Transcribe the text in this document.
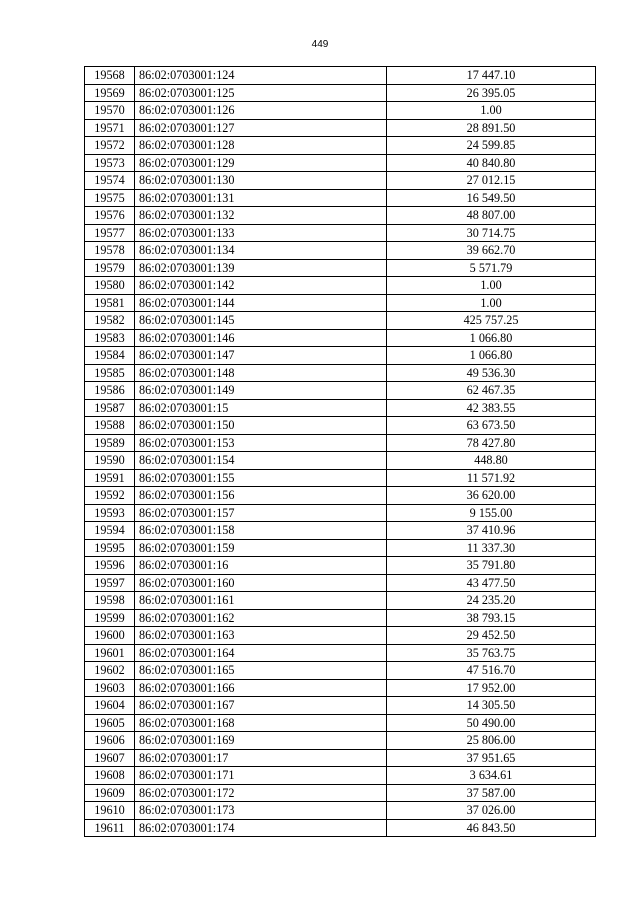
449
19568	86:02:0703001:124	17 447.10
19569	86:02:0703001:125	26 395.05
19570	86:02:0703001:126	1.00
19571	86:02:0703001:127	28 891.50
19572	86:02:0703001:128	24 599.85
19573	86:02:0703001:129	40 840.80
19574	86:02:0703001:130	27 012.15
19575	86:02:0703001:131	16 549.50
19576	86:02:0703001:132	48 807.00
19577	86:02:0703001:133	30 714.75
19578	86:02:0703001:134	39 662.70
19579	86:02:0703001:139	5 571.79
19580	86:02:0703001:142	1.00
19581	86:02:0703001:144	1.00
19582	86:02:0703001:145	425 757.25
19583	86:02:0703001:146	1 066.80
19584	86:02:0703001:147	1 066.80
19585	86:02:0703001:148	49 536.30
19586	86:02:0703001:149	62 467.35
19587	86:02:0703001:15	42 383.55
19588	86:02:0703001:150	63 673.50
19589	86:02:0703001:153	78 427.80
19590	86:02:0703001:154	448.80
19591	86:02:0703001:155	11 571.92
19592	86:02:0703001:156	36 620.00
19593	86:02:0703001:157	9 155.00
19594	86:02:0703001:158	37 410.96
19595	86:02:0703001:159	11 337.30
19596	86:02:0703001:16	35 791.80
19597	86:02:0703001:160	43 477.50
19598	86:02:0703001:161	24 235.20
19599	86:02:0703001:162	38 793.15
19600	86:02:0703001:163	29 452.50
19601	86:02:0703001:164	35 763.75
19602	86:02:0703001:165	47 516.70
19603	86:02:0703001:166	17 952.00
19604	86:02:0703001:167	14 305.50
19605	86:02:0703001:168	50 490.00
19606	86:02:0703001:169	25 806.00
19607	86:02:0703001:17	37 951.65
19608	86:02:0703001:171	3 634.61
19609	86:02:0703001:172	37 587.00
19610	86:02:0703001:173	37 026.00
19611	86:02:0703001:174	46 843.50
